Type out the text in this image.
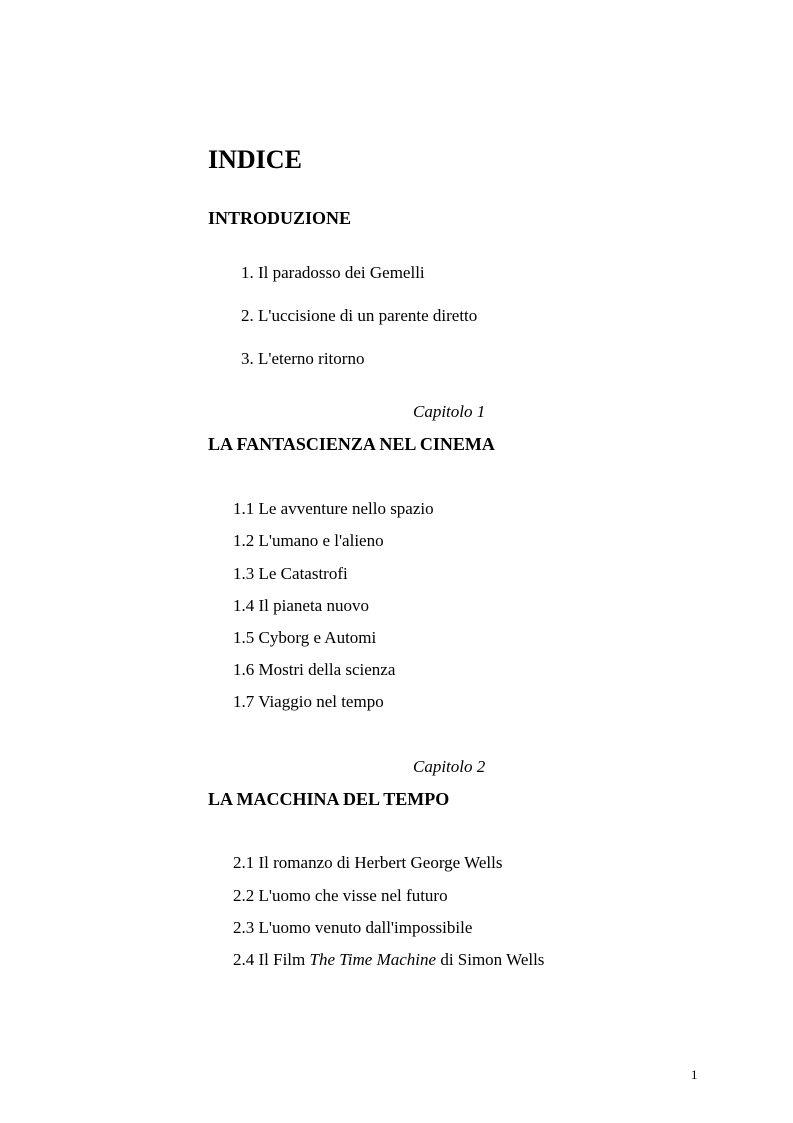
INDICE
INTRODUZIONE
1. Il paradosso dei Gemelli
2. L'uccisione di un parente diretto
3. L'eterno ritorno
Capitolo 1
LA FANTASCIENZA NEL CINEMA
1.1 Le avventure nello spazio
1.2 L'umano e l'alieno
1.3 Le Catastrofi
1.4 Il pianeta nuovo
1.5 Cyborg e Automi
1.6 Mostri della scienza
1.7 Viaggio nel tempo
Capitolo 2
LA MACCHINA DEL TEMPO
2.1 Il romanzo di Herbert George Wells
2.2 L'uomo che visse nel futuro
2.3 L'uomo venuto dall'impossibile
2.4 Il Film The Time Machine di Simon Wells
1
